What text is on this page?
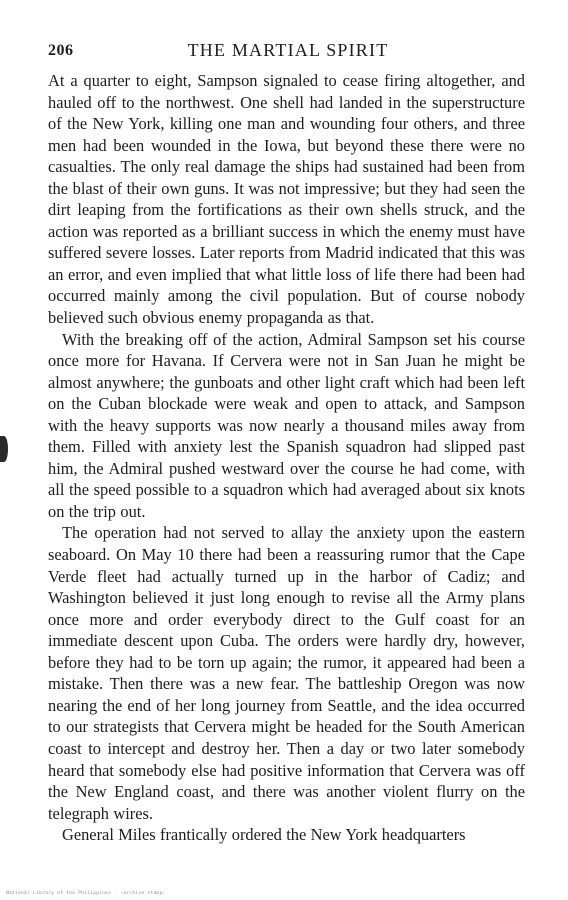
206	THE MARTIAL SPIRIT

At a quarter to eight, Sampson signaled to cease firing altogether, and hauled off to the northwest. One shell had landed in the superstructure of the New York, killing one man and wounding four others, and three men had been wounded in the Iowa, but beyond these there were no casualties. The only real damage the ships had sustained had been from the blast of their own guns. It was not impressive; but they had seen the dirt leaping from the fortifications as their own shells struck, and the action was reported as a brilliant success in which the enemy must have suffered severe losses. Later reports from Madrid indicated that this was an error, and even implied that what little loss of life there had been had occurred mainly among the civil population. But of course nobody believed such obvious enemy propaganda as that.

With the breaking off of the action, Admiral Sampson set his course once more for Havana. If Cervera were not in San Juan he might be almost anywhere; the gunboats and other light craft which had been left on the Cuban blockade were weak and open to attack, and Sampson with the heavy supports was now nearly a thousand miles away from them. Filled with anxiety lest the Spanish squadron had slipped past him, the Admiral pushed westward over the course he had come, with all the speed possible to a squadron which had averaged about six knots on the trip out.

The operation had not served to allay the anxiety upon the eastern seaboard. On May 10 there had been a reassuring rumor that the Cape Verde fleet had actually turned up in the harbor of Cadiz; and Washington believed it just long enough to revise all the Army plans once more and order everybody direct to the Gulf coast for an immediate descent upon Cuba. The orders were hardly dry, however, before they had to be torn up again; the rumor, it appeared had been a mistake. Then there was a new fear. The battleship Oregon was now nearing the end of her long journey from Seattle, and the idea occurred to our strategists that Cervera might be headed for the South American coast to intercept and destroy her. Then a day or two later somebody heard that somebody else had positive information that Cervera was off the New England coast, and there was another violent flurry on the telegraph wires.

General Miles frantically ordered the New York headquarters

National Library of the Philippines · ‹archive stamp›
